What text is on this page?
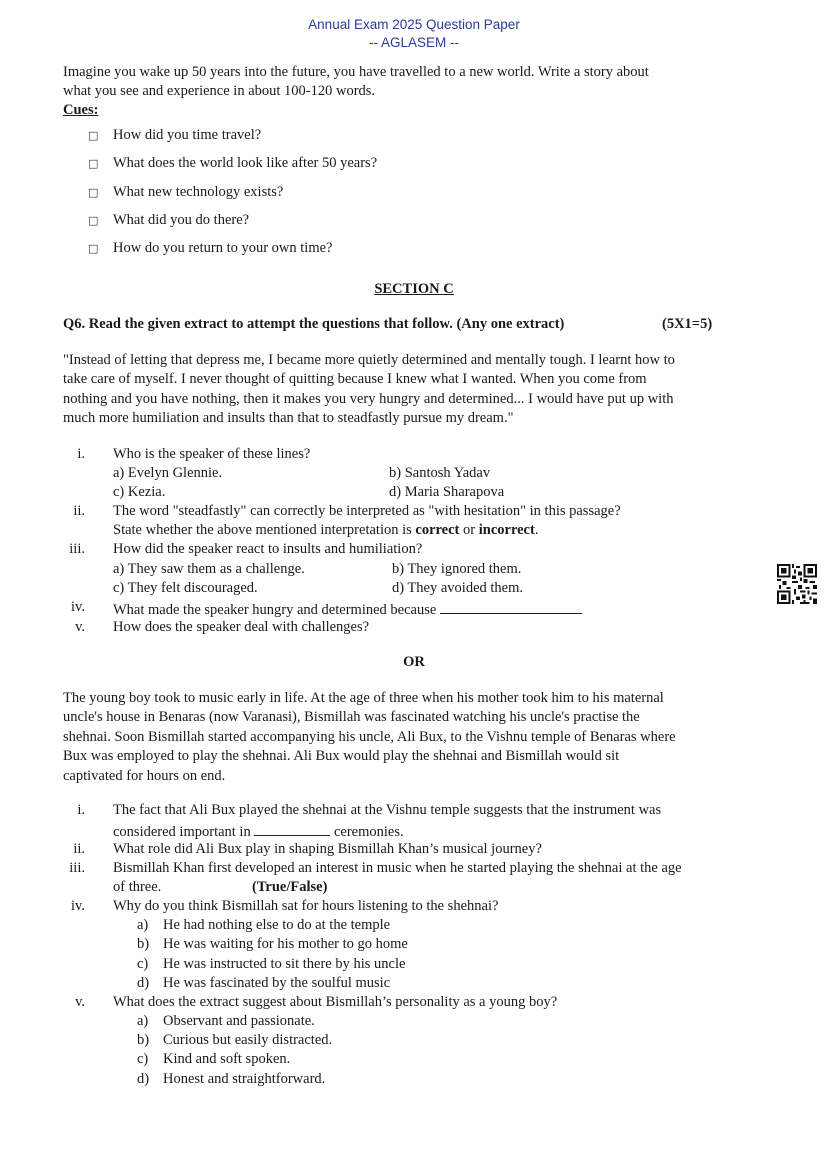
Annual Exam 2025 Question Paper
-- AGLASEM --
Imagine you wake up 50 years into the future, you have travelled to a new world. Write a story about
what you see and experience in about 100-120 words.
Cues:
□	How did you time travel?
□	What does the world look like after 50 years?
□	What new technology exists?
□	What did you do there?
□	How do you return to your own time?
SECTION C
Q6. Read the given extract to attempt the questions that follow. (Any one extract)	(5X1=5)
"Instead of letting that depress me, I became more quietly determined and mentally tough. I learnt how to
take care of myself. I never thought of quitting because I knew what I wanted. When you come from
nothing and you have nothing, then it makes you very hungry and determined... I would have put up with
much more humiliation and insults than that to steadfastly pursue my dream."
i. Who is the speaker of these lines?
a) Evelyn Glennie.	b) Santosh Yadav
c) Kezia.	d) Maria Sharapova
ii. The word "steadfastly" can correctly be interpreted as "with hesitation" in this passage?
State whether the above mentioned interpretation is correct or incorrect.
iii. How did the speaker react to insults and humiliation?
a) They saw them as a challenge.	b) They ignored them.
c) They felt discouraged.	d) They avoided them.
iv. What made the speaker hungry and determined because
v. How does the speaker deal with challenges?
OR
The young boy took to music early in life. At the age of three when his mother took him to his maternal
uncle's house in Benaras (now Varanasi), Bismillah was fascinated watching his uncle's practise the
shehnai. Soon Bismillah started accompanying his uncle, Ali Bux, to the Vishnu temple of Benaras where
Bux was employed to play the shehnai. Ali Bux would play the shehnai and Bismillah would sit
captivated for hours on end.
i. The fact that Ali Bux played the shehnai at the Vishnu temple suggests that the instrument was
considered important in	ceremonies.
ii. What role did Ali Bux play in shaping Bismillah Khan’s musical journey?
iii. Bismillah Khan first developed an interest in music when he started playing the shehnai at the age
of three.	(True/False)
iv. Why do you think Bismillah sat for hours listening to the shehnai?
a) He had nothing else to do at the temple
b) He was waiting for his mother to go home
c) He was instructed to sit there by his uncle
d) He was fascinated by the soulful music
v. What does the extract suggest about Bismillah’s personality as a young boy?
a) Observant and passionate.
b) Curious but easily distracted.
c) Kind and soft spoken.
d) Honest and straightforward.
